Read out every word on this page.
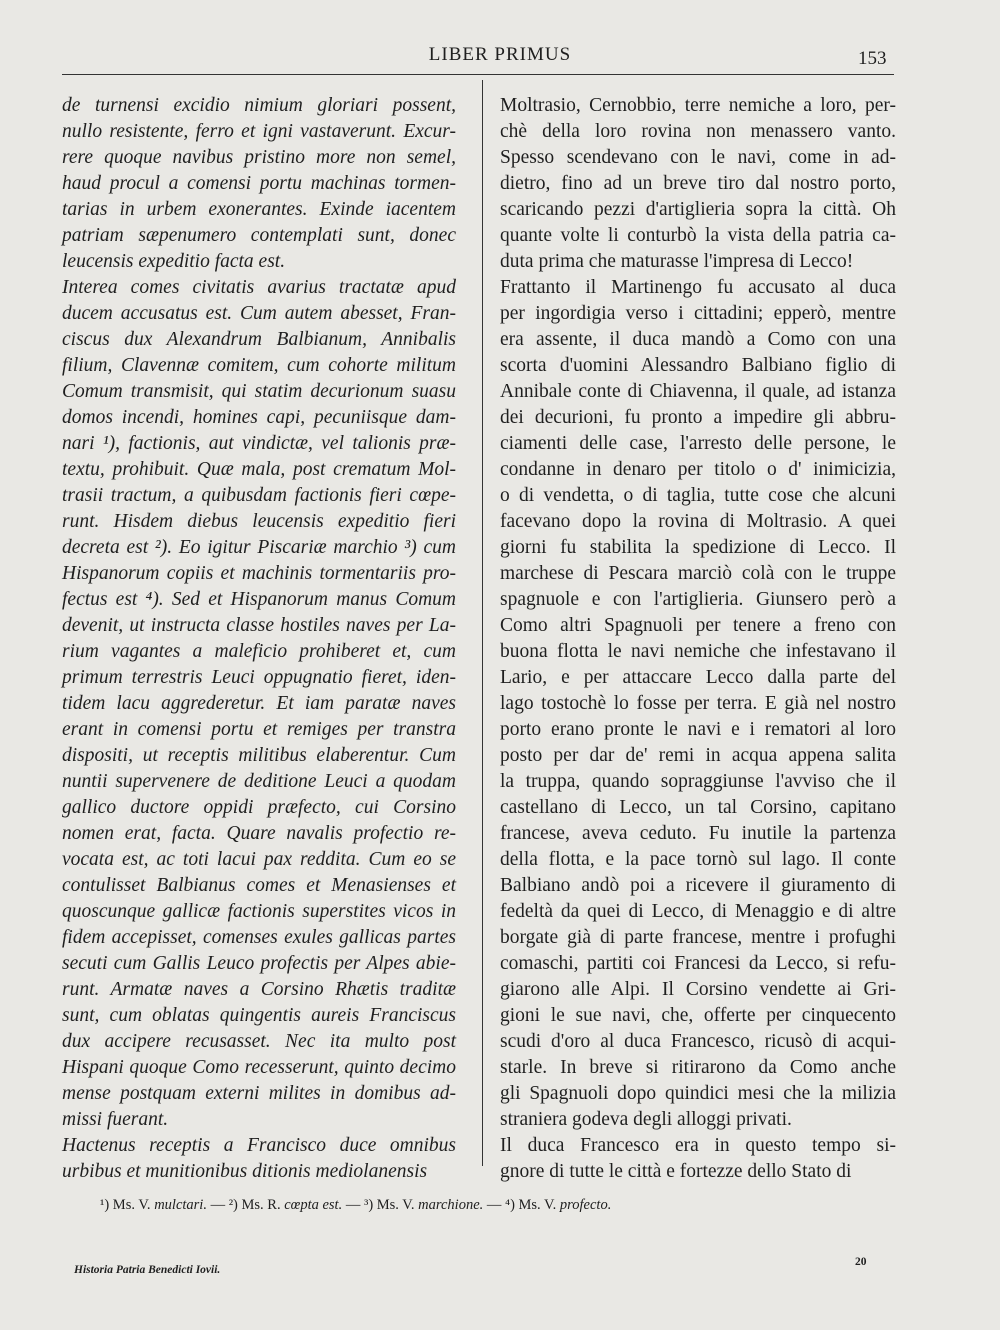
LIBER PRIMUS	153
de turnensi excidio nimium gloriari possent,
nullo resistente, ferro et igni vastaverunt. Excur-
rere quoque navibus pristino more non semel,
haud procul a comensi portu machinas tormen-
tarias in urbem exonerantes. Exinde iacentem
patriam sæpenumero contemplati sunt, donec
leucensis expeditio facta est.
Interea comes civitatis avarius tractatæ apud
ducem accusatus est. Cum autem abesset, Fran-
ciscus dux Alexandrum Balbianum, Annibalis
filium, Clavennæ comitem, cum cohorte militum
Comum transmisit, qui statim decurionum suasu
domos incendi, homines capi, pecuniisque dam-
nari ¹), factionis, aut vindictæ, vel talionis præ-
textu, prohibuit. Quæ mala, post crematum Mol-
trasii tractum, a quibusdam factionis fieri cœpe-
runt. Hisdem diebus leucensis expeditio fieri
decreta est ²). Eo igitur Piscariæ marchio ³) cum
Hispanorum copiis et machinis tormentariis pro-
fectus est ⁴). Sed et Hispanorum manus Comum
devenit, ut instructa classe hostiles naves per La-
rium vagantes a maleficio prohiberet et, cum
primum terrestris Leuci oppugnatio fieret, iden-
tidem lacu aggrederetur. Et iam paratæ naves
erant in comensi portu et remiges per transtra
dispositi, ut receptis militibus elaberentur. Cum
nuntii supervenere de deditione Leuci a quodam
gallico ductore oppidi præfecto, cui Corsino
nomen erat, facta. Quare navalis profectio re-
vocata est, ac toti lacui pax reddita. Cum eo se
contulisset Balbianus comes et Menasienses et
quoscunque gallicæ factionis superstites vicos in
fidem accepisset, comenses exules gallicas partes
secuti cum Gallis Leuco profectis per Alpes abie-
runt. Armatæ naves a Corsino Rhætis traditæ
sunt, cum oblatas quingentis aureis Franciscus
dux accipere recusasset. Nec ita multo post
Hispani quoque Como recesserunt, quinto decimo
mense postquam externi milites in domibus ad-
missi fuerant.
Hactenus receptis a Francisco duce omnibus
urbibus et munitionibus ditionis mediolanensis
Moltrasio, Cernobbio, terre nemiche a loro, per-
chè della loro rovina non menassero vanto.
Spesso scendevano con le navi, come in ad-
dietro, fino ad un breve tiro dal nostro porto,
scaricando pezzi d'artiglieria sopra la città. Oh
quante volte li conturbò la vista della patria ca-
duta prima che maturasse l'impresa di Lecco!
Frattanto il Martinengo fu accusato al duca
per ingordigia verso i cittadini; epperò, mentre
era assente, il duca mandò a Como con una
scorta d'uomini Alessandro Balbiano figlio di
Annibale conte di Chiavenna, il quale, ad istanza
dei decurioni, fu pronto a impedire gli abbru-
ciamenti delle case, l'arresto delle persone, le
condanne in denaro per titolo o d' inimicizia,
o di vendetta, o di taglia, tutte cose che alcuni
facevano dopo la rovina di Moltrasio. A quei
giorni fu stabilita la spedizione di Lecco. Il
marchese di Pescara marciò colà con le truppe
spagnuole e con l'artiglieria. Giunsero però a
Como altri Spagnuoli per tenere a freno con
buona flotta le navi nemiche che infestavano il
Lario, e per attaccare Lecco dalla parte del
lago tostochè lo fosse per terra. E già nel nostro
porto erano pronte le navi e i rematori al loro
posto per dar de' remi in acqua appena salita
la truppa, quando sopraggiunse l'avviso che il
castellano di Lecco, un tal Corsino, capitano
francese, aveva ceduto. Fu inutile la partenza
della flotta, e la pace tornò sul lago. Il conte
Balbiano andò poi a ricevere il giuramento di
fedeltà da quei di Lecco, di Menaggio e di altre
borgate già di parte francese, mentre i profughi
comaschi, partiti coi Francesi da Lecco, si refu-
giarono alle Alpi. Il Corsino vendette ai Gri-
gioni le sue navi, che, offerte per cinquecento
scudi d'oro al duca Francesco, ricusò di acqui-
starle. In breve si ritirarono da Como anche
gli Spagnuoli dopo quindici mesi che la milizia
straniera godeva degli alloggi privati.
Il duca Francesco era in questo tempo si-
gnore di tutte le città e fortezze dello Stato di
¹) Ms. V. mulctari. — ²) Ms. R. cœpta est. — ³) Ms. V. marchione. — ⁴) Ms. V. profecto.
Historia Patria Benedicti Iovii.
20
